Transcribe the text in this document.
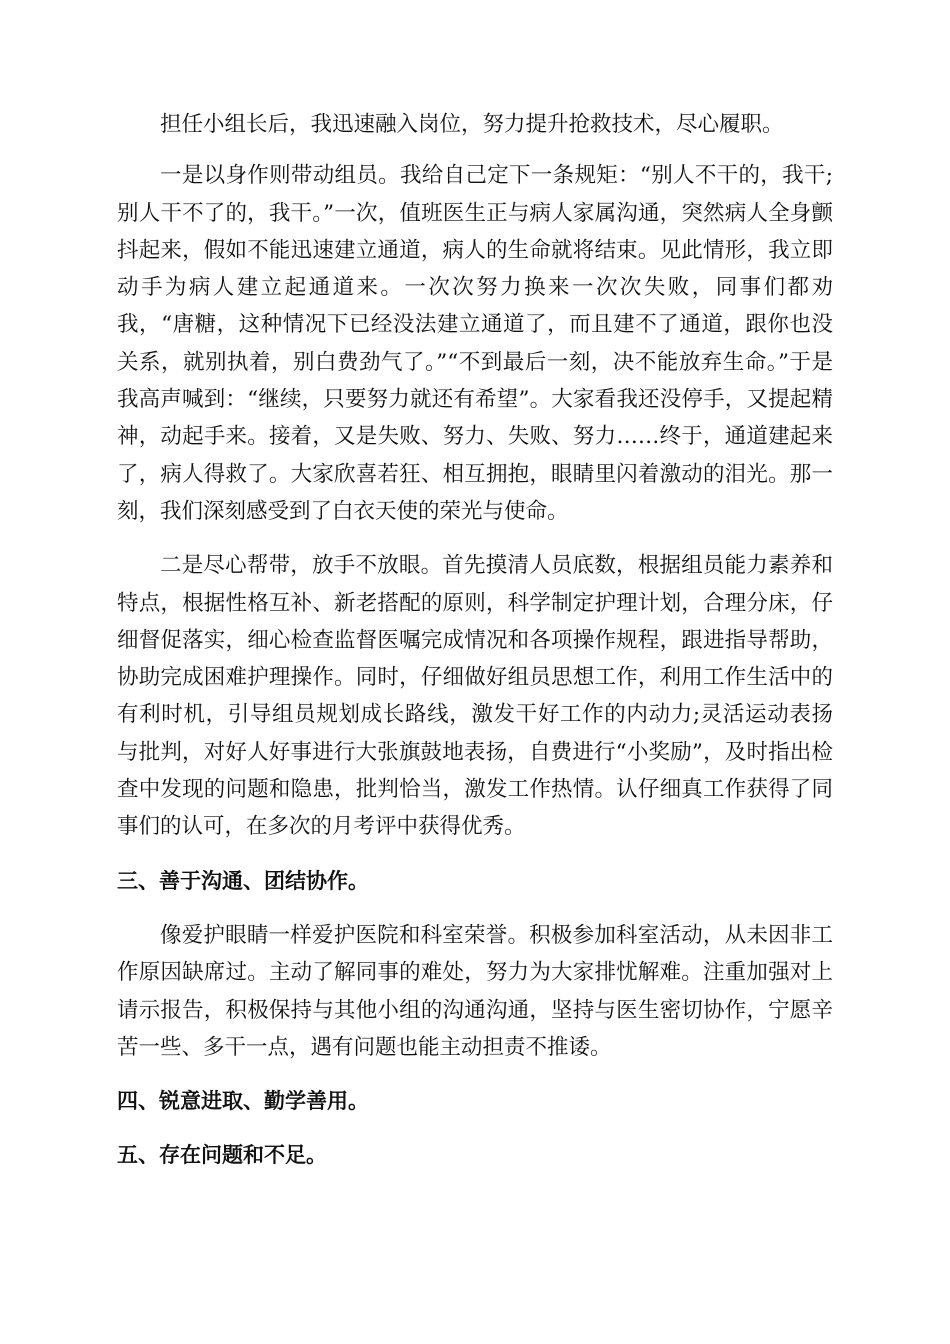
担任小组长后，我迅速融入岗位，努力提升抢救技术，尽心履职。

一是以身作则带动组员。我给自己定下一条规矩：“别人不干的，我干;别人干不了的，我干。”一次，值班医生正与病人家属沟通，突然病人全身颤抖起来，假如不能迅速建立通道，病人的生命就将结束。见此情形，我立即动手为病人建立起通道来。一次次努力换来一次次失败，同事们都劝我，“唐糖，这种情况下已经没法建立通道了，而且建不了通道，跟你也没关系，就别执着，别白费劲气了。”“不到最后一刻，决不能放弃生命。”于是我高声喊到：“继续，只要努力就还有希望”。大家看我还没停手，又提起精神，动起手来。接着，又是失败、努力、失败、努力……终于，通道建起来了，病人得救了。大家欣喜若狂、相互拥抱，眼睛里闪着激动的泪光。那一刻，我们深刻感受到了白衣天使的荣光与使命。

二是尽心帮带，放手不放眼。首先摸清人员底数，根据组员能力素养和特点，根据性格互补、新老搭配的原则，科学制定护理计划，合理分床，仔细督促落实，细心检查监督医嘱完成情况和各项操作规程，跟进指导帮助，协助完成困难护理操作。同时，仔细做好组员思想工作，利用工作生活中的有利时机，引导组员规划成长路线，激发干好工作的内动力;灵活运动表扬与批判，对好人好事进行大张旗鼓地表扬，自费进行“小奖励”，及时指出检查中发现的问题和隐患，批判恰当，激发工作热情。认仔细真工作获得了同事们的认可，在多次的月考评中获得优秀。

三、善于沟通、团结协作。

像爱护眼睛一样爱护医院和科室荣誉。积极参加科室活动，从未因非工作原因缺席过。主动了解同事的难处，努力为大家排忧解难。注重加强对上请示报告，积极保持与其他小组的沟通沟通，坚持与医生密切协作，宁愿辛苦一些、多干一点，遇有问题也能主动担责不推诿。

四、锐意进取、勤学善用。
五、存在问题和不足。
